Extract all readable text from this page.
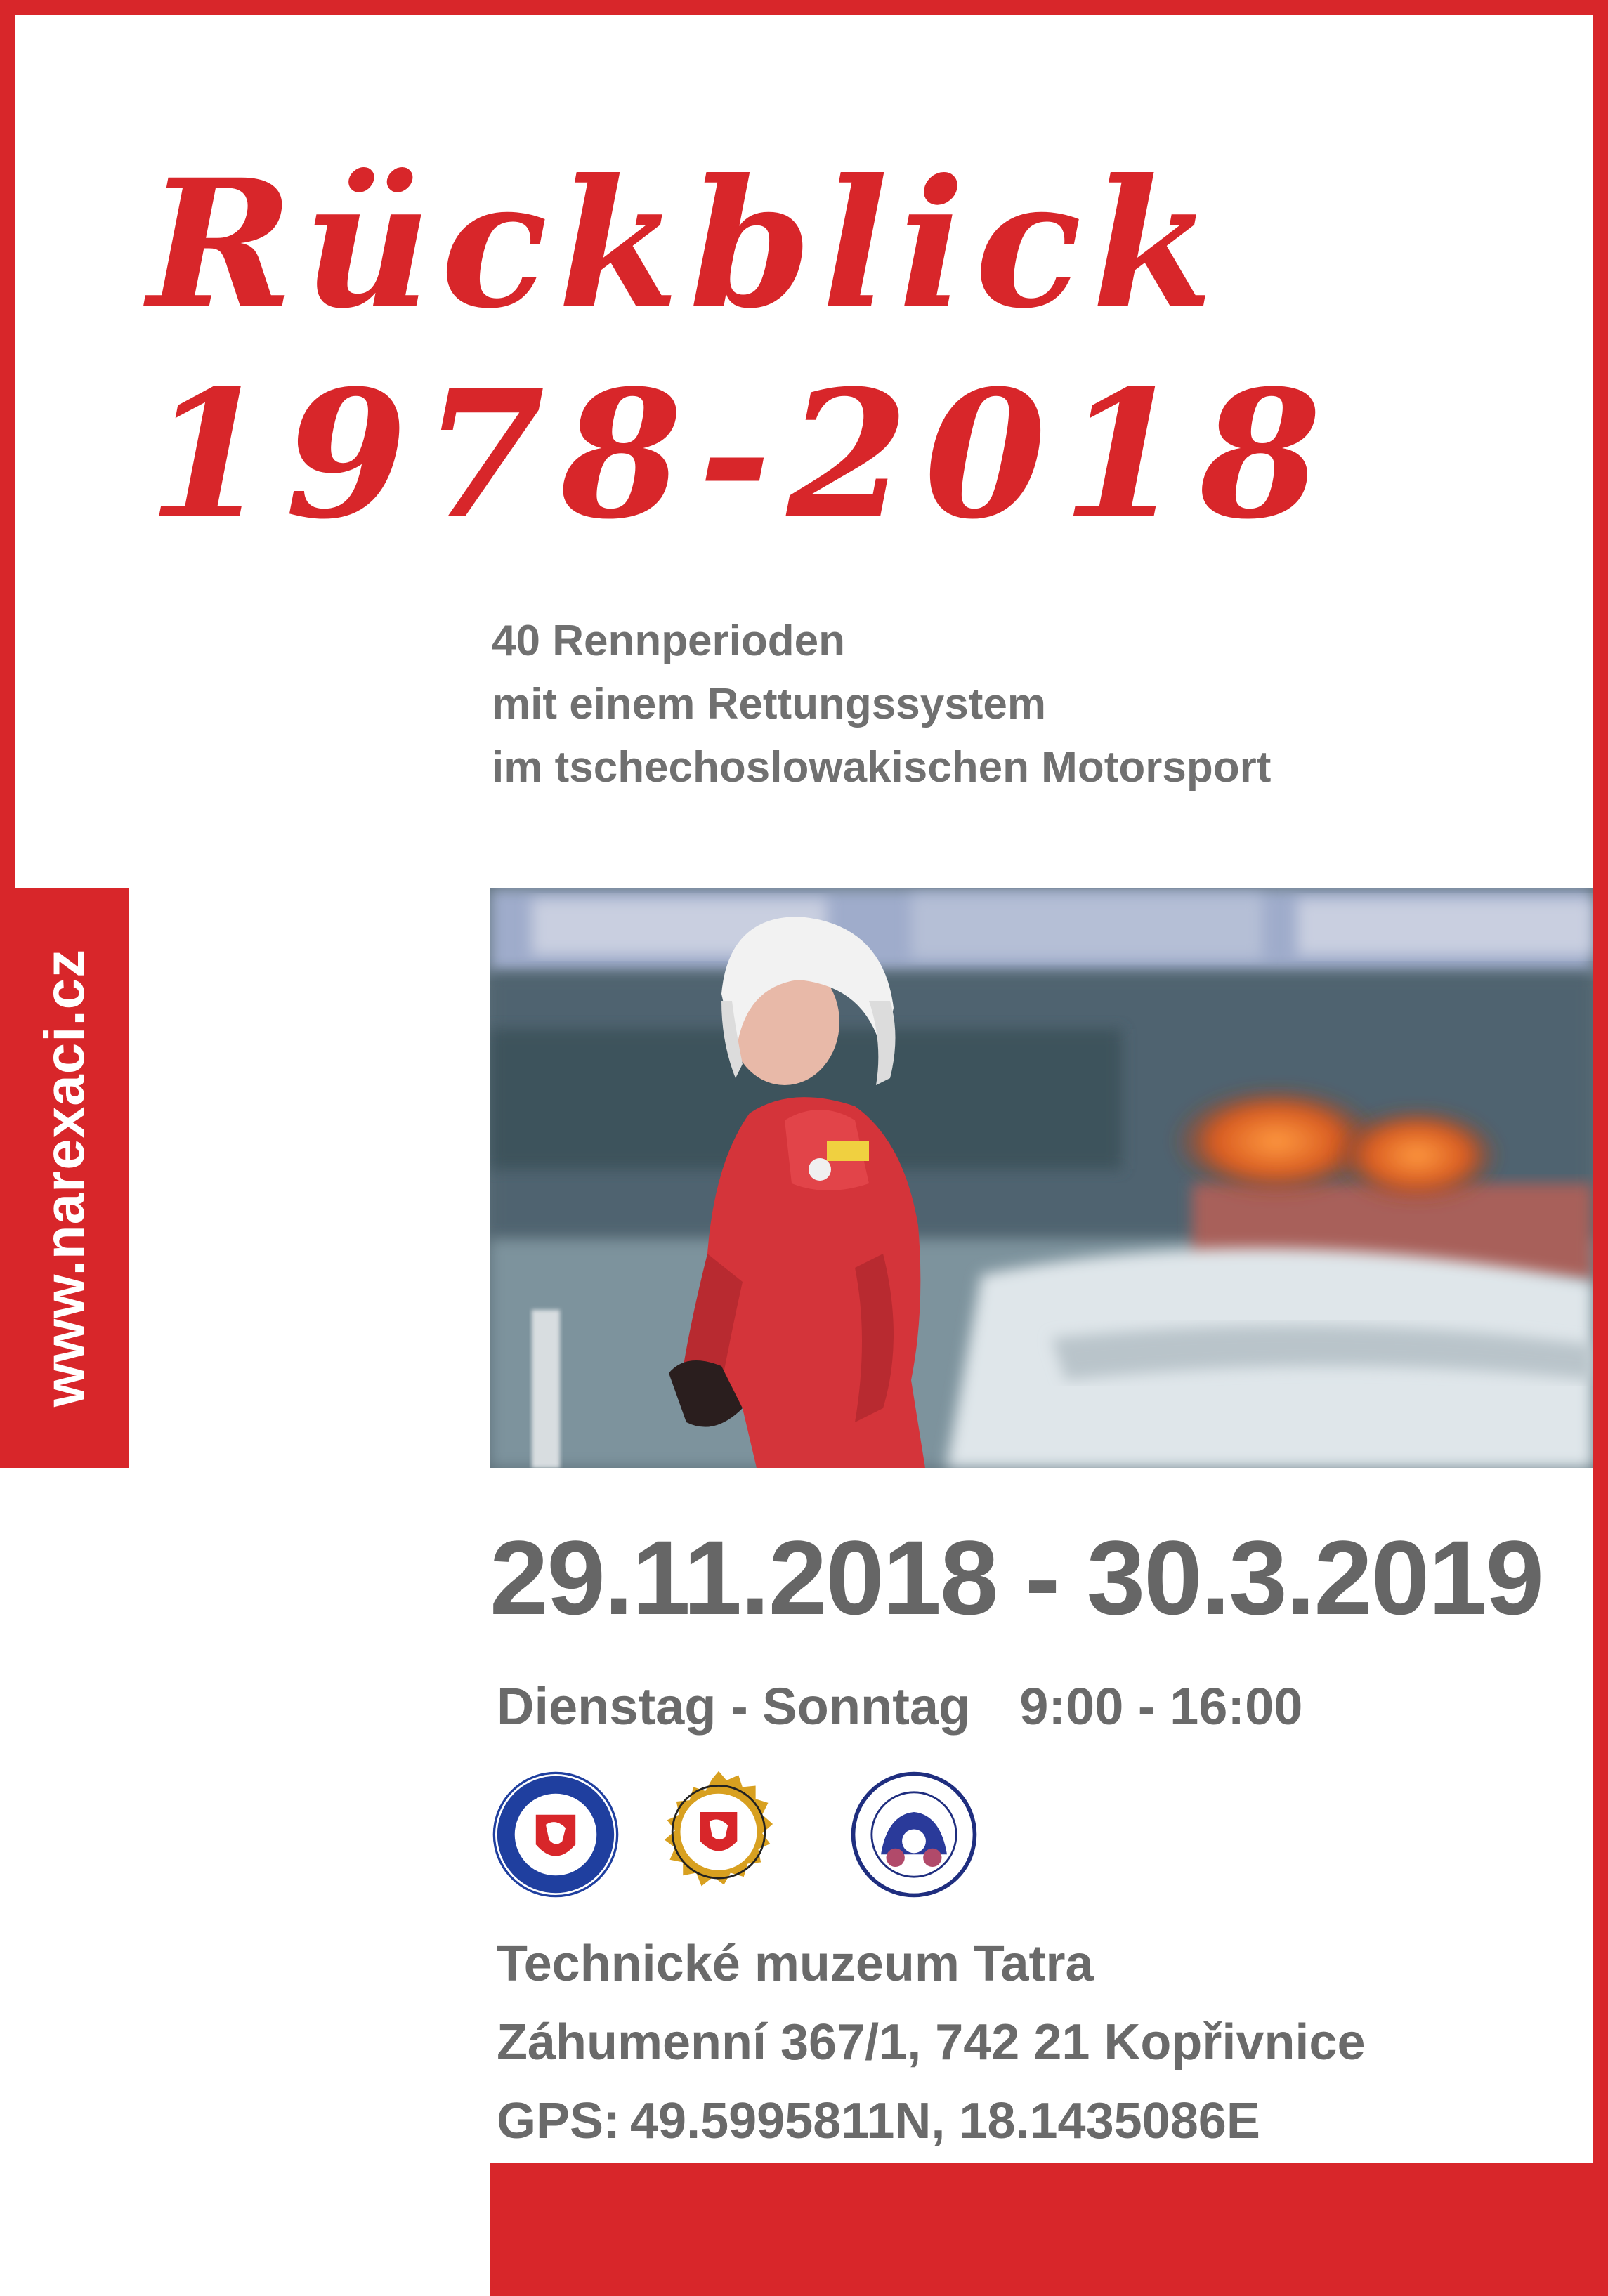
Rückblick
1978-2018
40 Rennperioden
mit einem Rettungssystem
im tschechoslowakischen Motorsport
www.narexaci.cz
29.11.2018 - 30.3.2019
Dienstag - Sonntag 9:00 - 16:00
Technické muzeum Tatra
Záhumenní 367/1, 742 21 Kopřivnice
GPS: 49.5995811N, 18.1435086E
